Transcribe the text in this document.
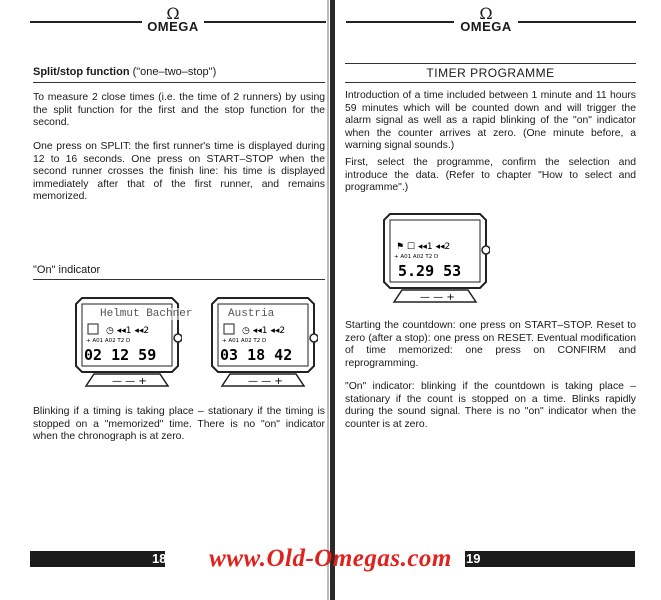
Ω
OMEGA
Split/stop function ("one–two–stop")
To measure 2 close times (i.e. the time of 2 runners) by using the split function for the first and the stop function for the second.
One press on SPLIT: the first runner's time is displayed during 12 to 16 seconds. One press on START–STOP when the second runner crosses the finish line: his time is displayed immediately after that of the first runner, and remains memorized.
"On" indicator
◷ ◂◂1 ◂◂2
+ A01 A02 T2 D
02 12 59
— — +
◷ ◂◂1 ◂◂2
+ A01 A02 T2 D
03 18 42
— — +
Helmut Bachner	Austria
Blinking if a timing is taking place – stationary if the timing is stopped on a "memorized" time. There is no "on" indicator when the chronograph is at zero.
Ω
OMEGA
TIMER PROGRAMME
Introduction of a time included between 1 minute and 11 hours 59 minutes which will be counted down and will trigger the alarm signal as well as a rapid blinking of the "on" indicator when the counter arrives at zero. (One minute before, a warning signal sounds.)
First, select the programme, confirm the selection and introduce the data. (Refer to chapter "How to select and programme".)
⚑ ☐ ◂◂1 ◂◂2
+ A01 A02 T2 D
5.29 53
— — +
Starting the countdown: one press on START–STOP. Reset to zero (after a stop): one press on RESET. Eventual modification of time memorized: one press on CONFIRM and reprogramming.
"On" indicator: blinking if the countdown is taking place – stationary if the count is stopped on a time. Blinks rapidly during the sound signal. There is no "on" indicator when the counter is at zero.
18	19
www.Old-Omegas.com
